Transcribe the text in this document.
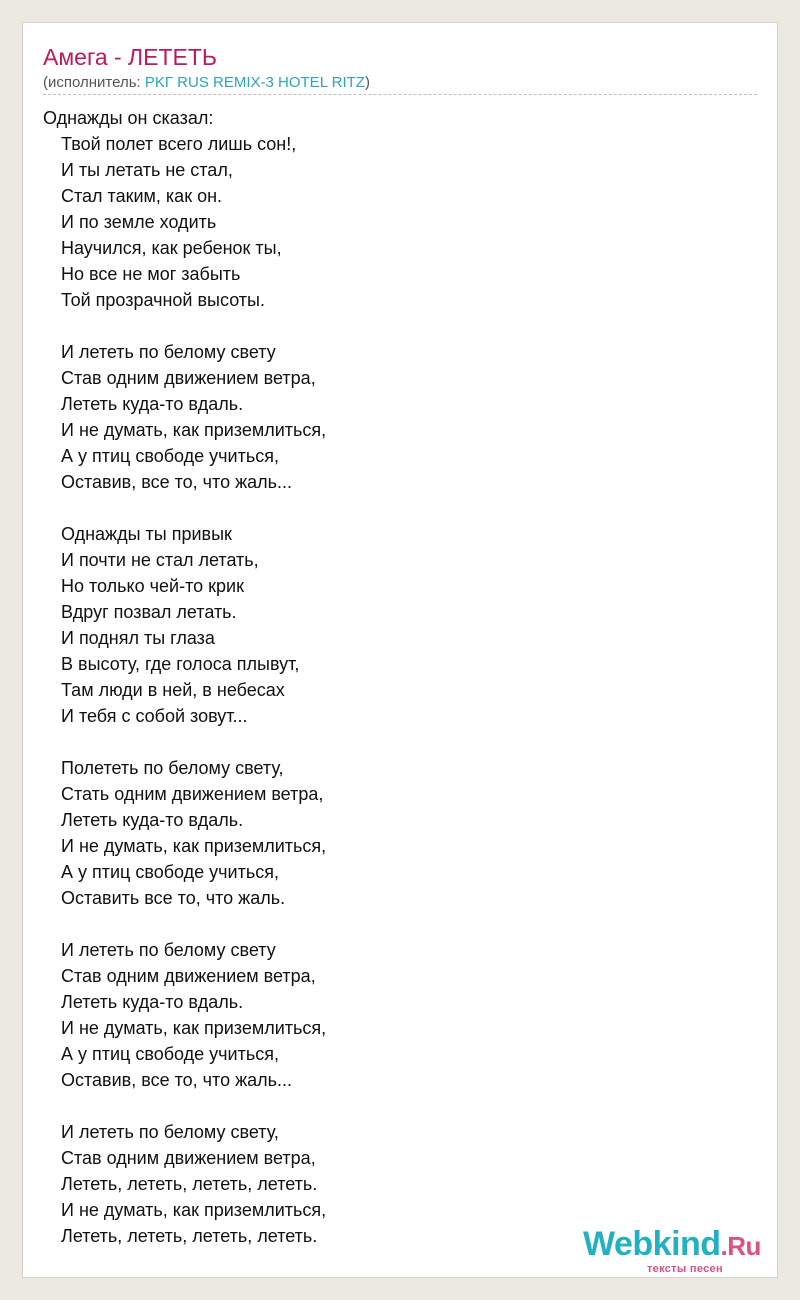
Амега - ЛЕТЕТЬ
(исполнитель: PKГ RUS REMIX-3 HOTEL RITZ)
Однажды он сказал:
Твой полет всего лишь сон!,
И ты летать не стал,
Стал таким, как он.
И по земле ходить
Научился, как ребенок ты,
Но все не мог забыть
Той прозрачной высоты.
И лететь по белому свету
Став одним движением ветра,
Лететь куда-то вдаль.
И не думать, как приземлиться,
А у птиц свободе учиться,
Оставив, все то, что жаль...
Однажды ты привык
И почти не стал летать,
Но только чей-то крик
Вдруг позвал летать.
И поднял ты глаза
В высоту, где голоса плывут,
Там люди в ней, в небесах
И тебя с собой зовут...
Полететь по белому свету,
Стать одним движением ветра,
Лететь куда-то вдаль.
И не думать, как приземлиться,
А у птиц свободе учиться,
Оставить все то, что жаль.
И лететь по белому свету
Став одним движением ветра,
Лететь куда-то вдаль.
И не думать, как приземлиться,
А у птиц свободе учиться,
Оставив, все то, что жаль...
И лететь по белому свету,
Став одним движением ветра,
Лететь, лететь, лететь, лететь.
И не думать, как приземлиться,
Лететь, лететь, лететь, лететь.	Webkind.Ru
тексты песен
